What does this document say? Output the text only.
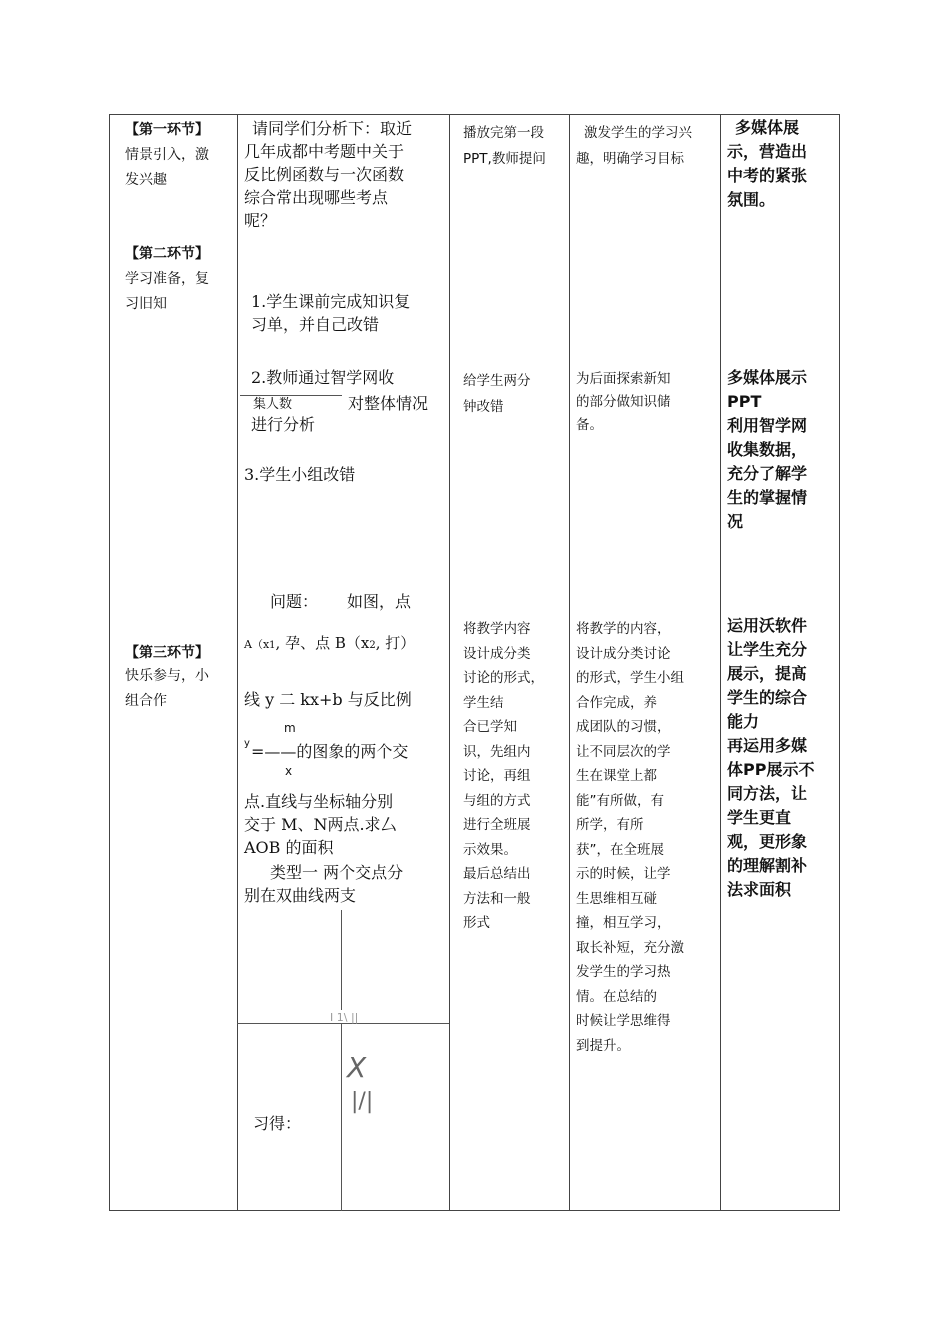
【第一环节】
情景引入，激
发兴趣
【第二环节】
学习准备，复
习旧知
【第三环节】
快乐参与，小
组合作
请同学们分析下：取近
几年成都中考题中关于
反比例函数与一次函数
综合常出现哪些考点
呢？
1.学生课前完成知识复
习单，并自己改错
2.教师通过智学网收
集人数	对整体情况
进行分析
3.学生小组改错
问题： 如图，点
A（x1, 孕、点 B（x2, 打）
线 y 二 kx+b 与反比例
m
y =——的图象的两个交
x
点.直线与坐标轴分别
交于 M、N两点.求厶
AOB 的面积
类型一 两个交点分
别在双曲线两支
I 1\ ||
X
|/|
习得：
播放完第一段
PPT,教师提问
给学生两分
钟改错
将教学内容
设计成分类
讨论的形式，
学生结
合已学知
识，先组内
讨论，再组
与组的方式
进行全班展
示效果。
最后总结出
方法和一般
形式
激发学生的学习兴
趣，明确学习目标
为后面探索新知
的部分做知识储
备。
将教学的内容，
设计成分类讨论
的形式，学生小组
合作完成，养
成团队的习惯，
让不同层次的学
生在课堂上都
能”有所做，有
所学，有所
获”，在全班展
示的时候，让学
生思维相互碰
撞，相互学习，
取长补短，充分激
发学生的学习热
情。在总结的
时候让学思维得
到提升。
多媒体展
示，营造出
中考的紧张
氛围。
多媒体展示
PPT
利用智学网
收集数据，
充分了解学
生的掌握情
况
运用沃软件
让学生充分
展示，提髙
学生的综合
能力
再运用多媒
体PP展示不
同方法，让
学生更直
观，更形象
的理解割补
法求面积
